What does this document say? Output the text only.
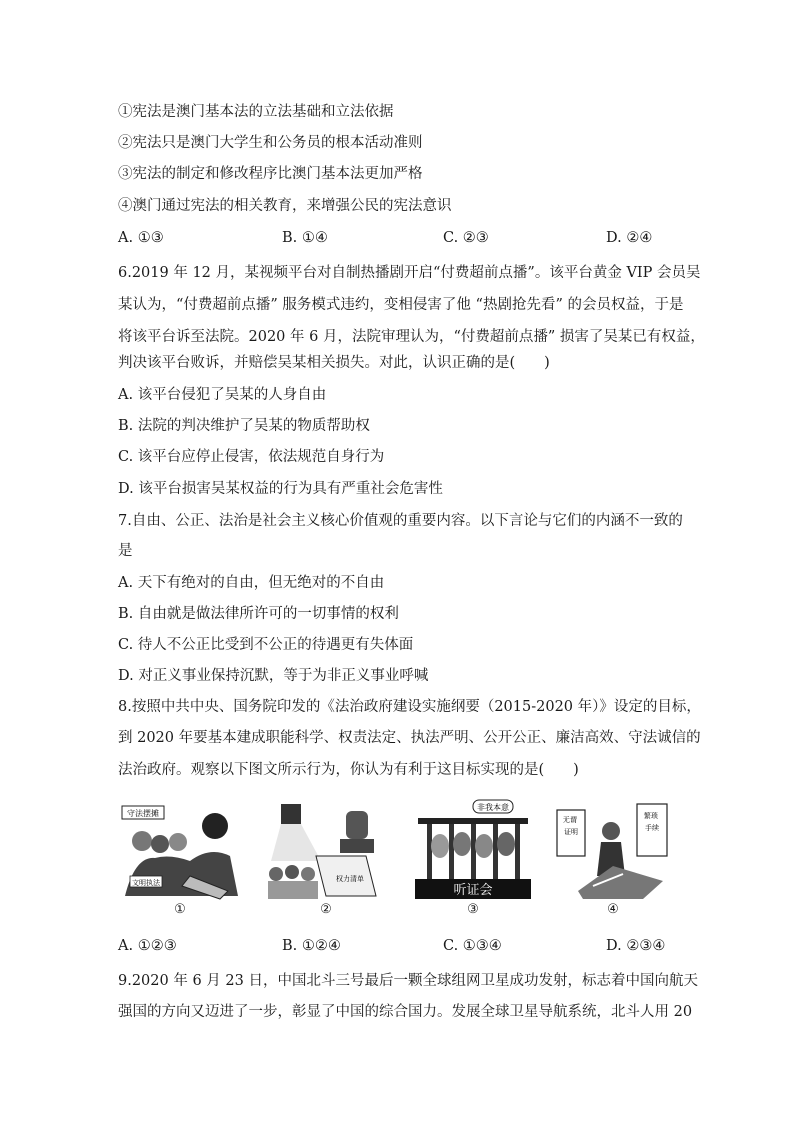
①宪法是澳门基本法的立法基础和立法依据
②宪法只是澳门大学生和公务员的根本活动准则
③宪法的制定和修改程序比澳门基本法更加严格
④澳门通过宪法的相关教育，来增强公民的宪法意识
A. ①③	B. ①④	C. ②③	D. ②④
6.2019 年 12 月，某视频平台对自制热播剧开启“付费超前点播”。该平台黄金 VIP 会员吴
某认为，“付费超前点播” 服务模式违约，变相侵害了他 “热剧抢先看” 的会员权益，于是
将该平台诉至法院。2020 年 6 月，法院审理认为，“付费超前点播” 损害了吴某已有权益，
判决该平台败诉，并赔偿吴某相关损失。对此，认识正确的是(　　)
A. 该平台侵犯了吴某的人身自由
B. 法院的判决维护了吴某的物质帮助权
C. 该平台应停止侵害，依法规范自身行为
D. 该平台损害吴某权益的行为具有严重社会危害性
7.自由、公正、法治是社会主义核心价值观的重要内容。以下言论与它们的内涵不一致的
是
A. 天下有绝对的自由，但无绝对的不自由
B. 自由就是做法律所许可的一切事情的权利
C. 待人不公正比受到不公正的待遇更有失体面
D. 对正义事业保持沉默，等于为非正义事业呼喊
8.按照中共中央、国务院印发的《法治政府建设实施纲要（2015-2020 年）》设定的目标，
到 2020 年要基本建成职能科学、权责法定、执法严明、公开公正、廉洁高效、守法诚信的
法治政府。观察以下图文所示行为，你认为有利于这目标实现的是(　　)
守法摆摊
文明执法
①
权力清单
②
非我本意
听证会
③
无谓 证明
繁琐 手续
④
A. ①②③	B. ①②④	C. ①③④	D. ②③④
9.2020 年 6 月 23 日，中国北斗三号最后一颗全球组网卫星成功发射，标志着中国向航天
强国的方向又迈进了一步，彰显了中国的综合国力。发展全球卫星导航系统，北斗人用 20
